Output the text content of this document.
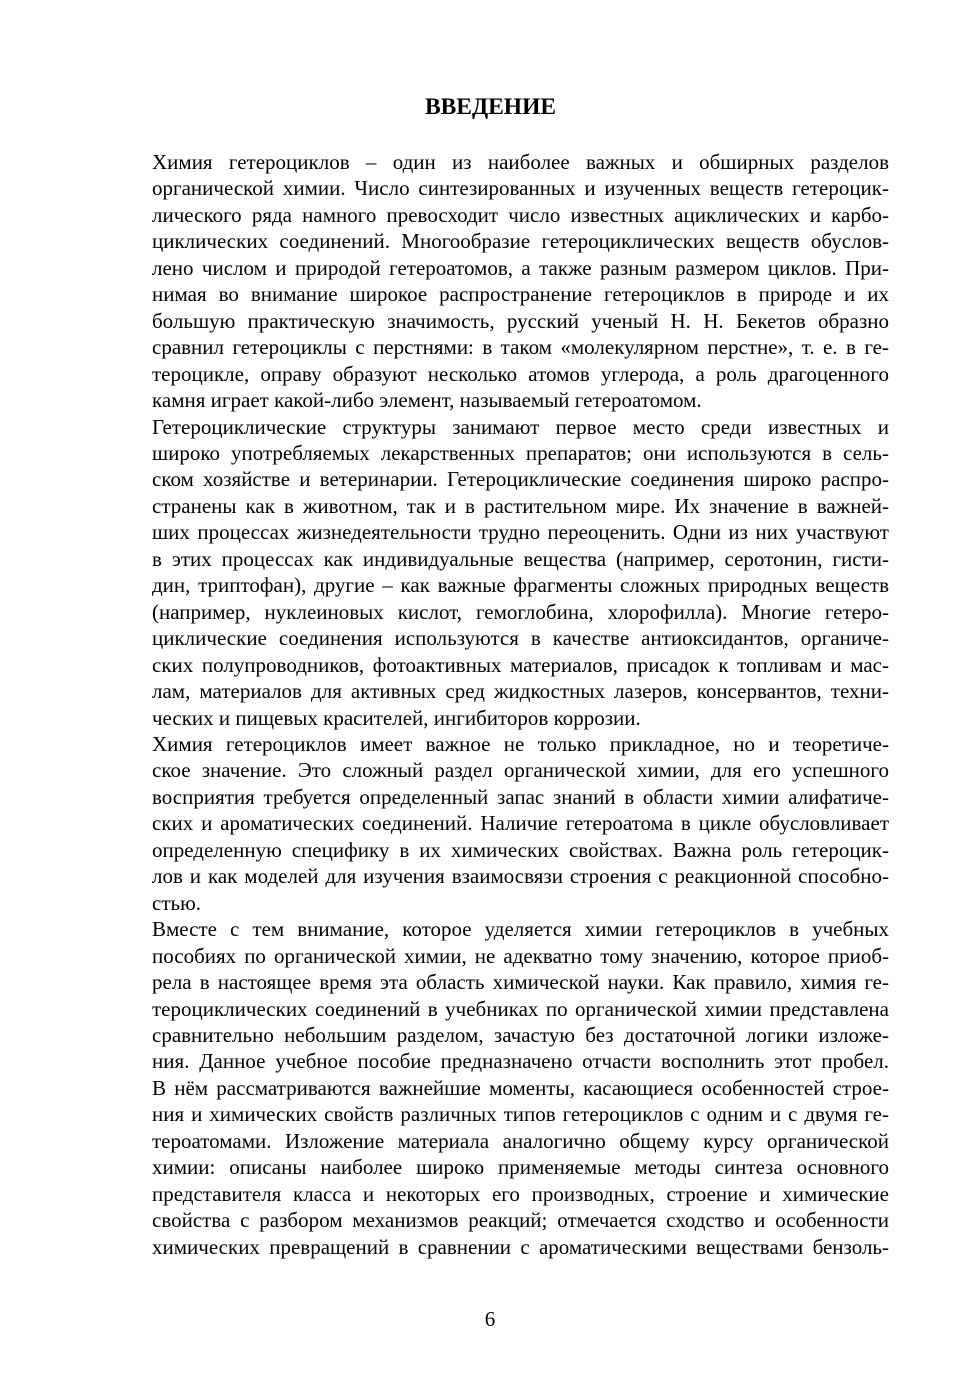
ВВЕДЕНИЕ
Химия гетероциклов – один из наиболее важных и обширных разделов
органической химии. Число синтезированных и изученных веществ гетероцик-
лического ряда намного превосходит число известных ациклических и карбо-
циклических соединений. Многообразие гетероциклических веществ обуслов-
лено числом и природой гетероатомов, а также разным размером циклов. При-
нимая во внимание широкое распространение гетероциклов в природе и их
большую практическую значимость, русский ученый Н. Н. Бекетов образно
сравнил гетероциклы с перстнями: в таком «молекулярном перстне», т. е. в ге-
тероцикле, оправу образуют несколько атомов углерода, а роль драгоценного
камня играет какой-либо элемент, называемый гетероатомом.
Гетероциклические структуры занимают первое место среди известных и
широко употребляемых лекарственных препаратов; они используются в сель-
ском хозяйстве и ветеринарии. Гетероциклические соединения широко распро-
странены как в животном, так и в растительном мире. Их значение в важней-
ших процессах жизнедеятельности трудно переоценить. Одни из них участвуют
в этих процессах как индивидуальные вещества (например, серотонин, гисти-
дин, триптофан), другие – как важные фрагменты сложных природных веществ
(например, нуклеиновых кислот, гемоглобина, хлорофилла). Многие гетеро-
циклические соединения используются в качестве антиоксидантов, органиче-
ских полупроводников, фотоактивных материалов, присадок к топливам и мас-
лам, материалов для активных сред жидкостных лазеров, консервантов, техни-
ческих и пищевых красителей, ингибиторов коррозии.
Химия гетероциклов имеет важное не только прикладное, но и теоретиче-
ское значение. Это сложный раздел органической химии, для его успешного
восприятия требуется определенный запас знаний в области химии алифатиче-
ских и ароматических соединений. Наличие гетероатома в цикле обусловливает
определенную специфику в их химических свойствах. Важна роль гетероцик-
лов и как моделей для изучения взаимосвязи строения с реакционной способно-
стью.
Вместе с тем внимание, которое уделяется химии гетероциклов в учебных
пособиях по органической химии, не адекватно тому значению, которое приоб-
рела в настоящее время эта область химической науки. Как правило, химия ге-
тероциклических соединений в учебниках по органической химии представлена
сравнительно небольшим разделом, зачастую без достаточной логики изложе-
ния. Данное учебное пособие предназначено отчасти восполнить этот пробел.
В нём рассматриваются важнейшие моменты, касающиеся особенностей строе-
ния и химических свойств различных типов гетероциклов с одним и с двумя ге-
тероатомами. Изложение материала аналогично общему курсу органической
химии: описаны наиболее широко применяемые методы синтеза основного
представителя класса и некоторых его производных, строение и химические
свойства с разбором механизмов реакций; отмечается сходство и особенности
химических превращений в сравнении с ароматическими веществами бензоль-
6
